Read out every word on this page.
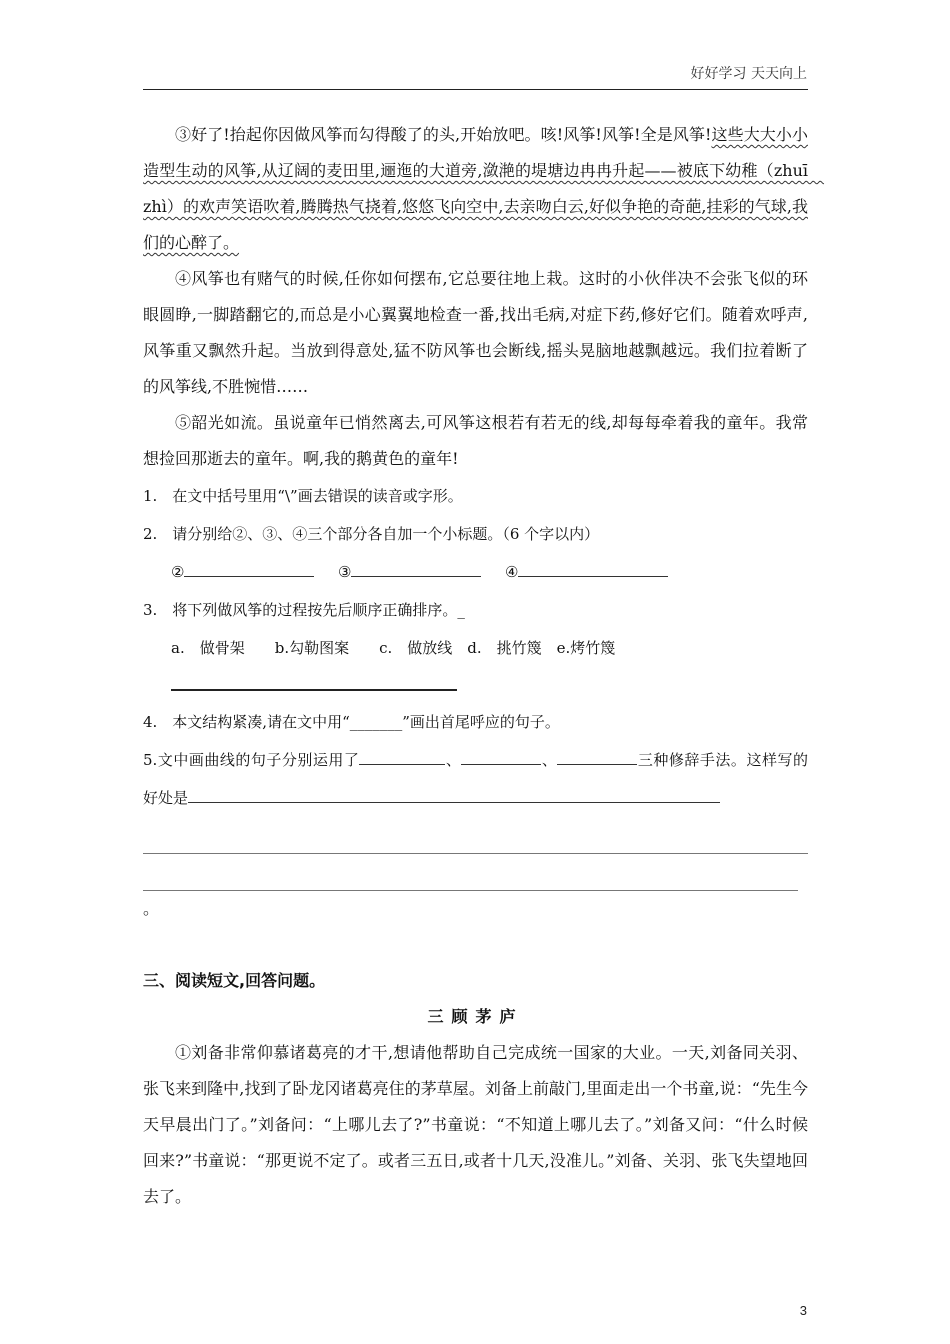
好好学习 天天向上

③好了!抬起你因做风筝而勾得酸了的头,开始放吧。咳!风筝!风筝!全是风筝!这些大大小小造型生动的风筝,从辽阔的麦田里,逦迤的大道旁,潋滟的堤塘边冉冉升起——被底下幼稚（zhuī　zhì）的欢声笑语吹着,腾腾热气挠着,悠悠飞向空中,去亲吻白云,好似争艳的奇葩,挂彩的气球,我们的心醉了。

④风筝也有赌气的时候,任你如何摆布,它总要往地上栽。这时的小伙伴决不会张飞似的环眼圆睁,一脚踏翻它的,而总是小心翼翼地检查一番,找出毛病,对症下药,修好它们。随着欢呼声,风筝重又飘然升起。当放到得意处,猛不防风筝也会断线,摇头晃脑地越飘越远。我们拉着断了的风筝线,不胜惋惜……

⑤韶光如流。虽说童年已悄然离去,可风筝这根若有若无的线,却每每牵着我的童年。我常想捡回那逝去的童年。啊,我的鹅黄色的童年!

1.　在文中括号里用“\”画去错误的读音或字形。

2.　请分别给②、③、④三个部分各自加一个小标题。（6 个字以内）

②	③	④

3.　将下列做风筝的过程按先后顺序正确排序。_

a.　做骨架　　b.勾勒图案　　c.　做放线　d.　挑竹篾　e.烤竹篾

4.　本文结构紧凑,请在文中用“_______”画出首尾呼应的句子。

5.文中画曲线的句子分别运用了	、	、	三种修辞手法。这样写的好处是

。

三、阅读短文,回答问题。

三顾茅庐

①刘备非常仰慕诸葛亮的才干,想请他帮助自己完成统一国家的大业。一天,刘备同关羽、张飞来到隆中,找到了卧龙冈诸葛亮住的茅草屋。刘备上前敲门,里面走出一个书童,说：“先生今天早晨出门了。”刘备问：“上哪儿去了?”书童说：“不知道上哪儿去了。”刘备又问：“什么时候回来?”书童说：“那更说不定了。或者三五日,或者十几天,没准儿。”刘备、关羽、张飞失望地回去了。

3
